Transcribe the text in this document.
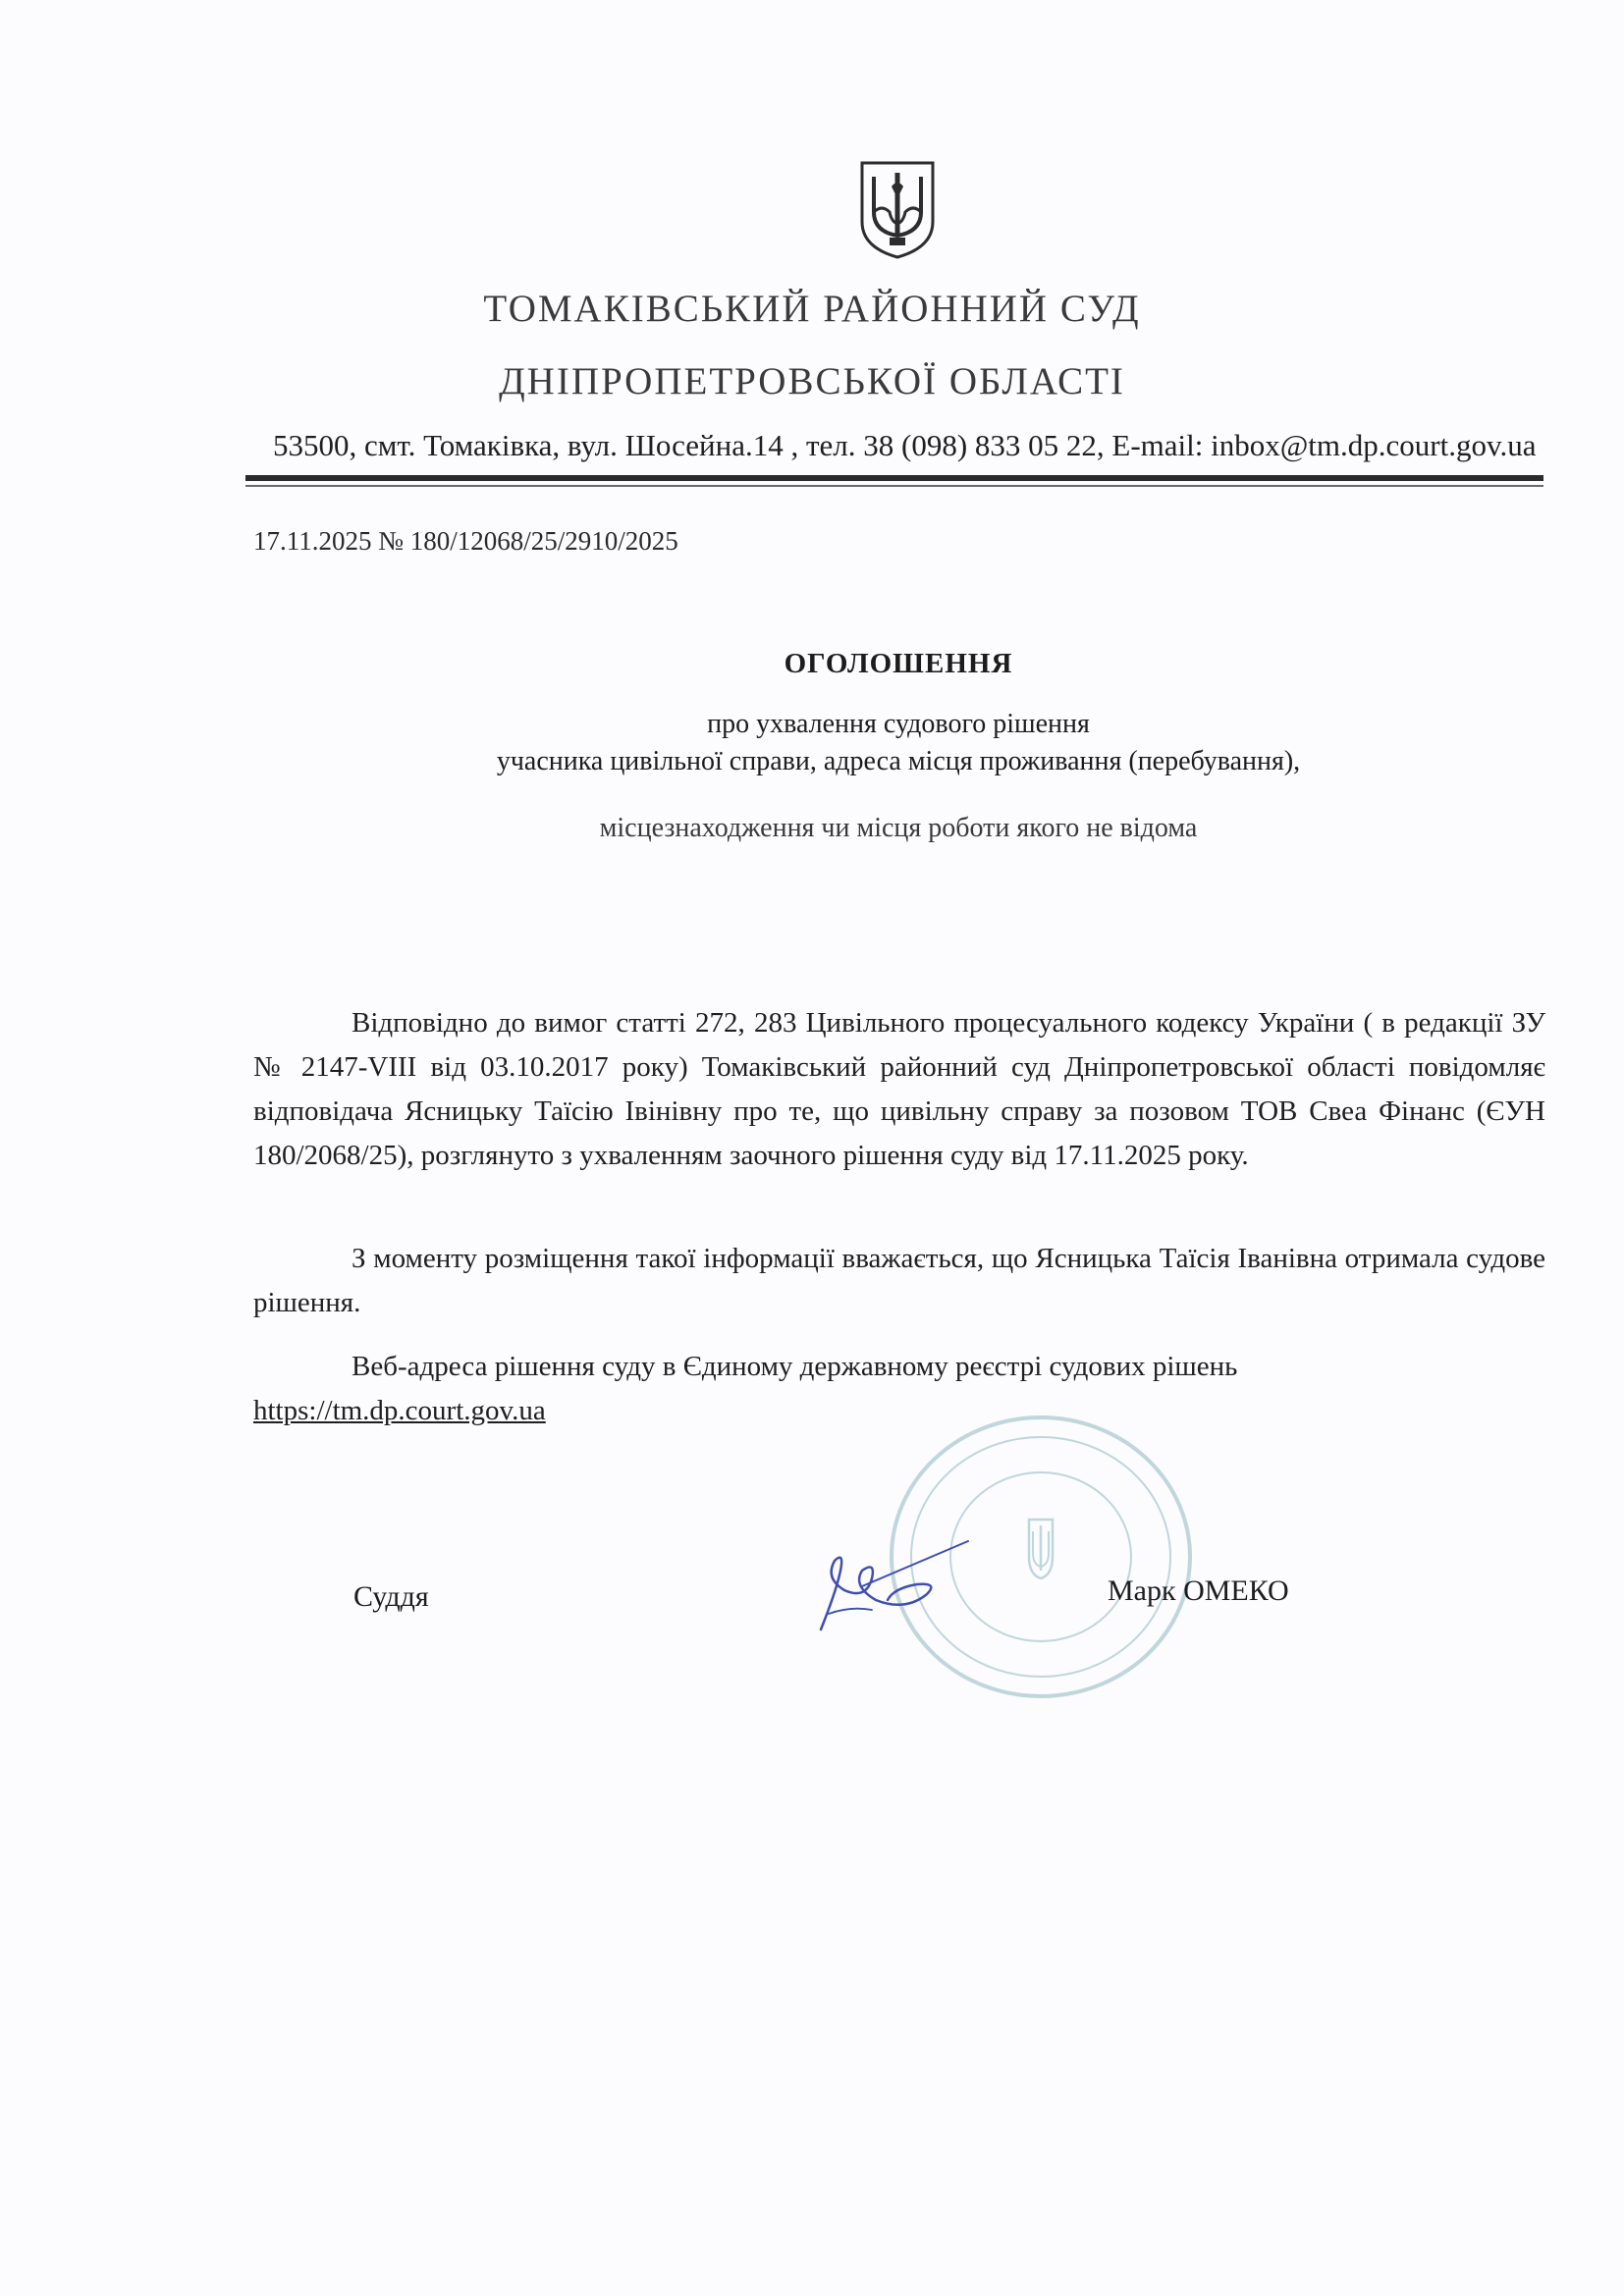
ТОМАКІВСЬКИЙ РАЙОННИЙ СУД
ДНІПРОПЕТРОВСЬКОЇ ОБЛАСТІ
53500, смт. Томаківка, вул. Шосейна.14 , тел. 38 (098) 833 05 22, E-mail: inbox@tm.dp.court.gov.ua
17.11.2025 № 180/12068/25/2910/2025
ОГОЛОШЕННЯ
про ухвалення судового рішення
учасника цивільної справи, адреса місця проживання (перебування),
місцезнаходження чи місця роботи якого не відома

Відповідно до вимог статті 272, 283 Цивільного процесуального кодексу України ( в редакції ЗУ № 2147-VIII від 03.10.2017 року) Томаківський районний суд Дніпропетровської області повідомляє відповідача Ясницьку Таїсію Івінівну про те, що цивільну справу за позовом ТОВ Свеа Фінанс (ЄУН 180/2068/25), розглянуто з ухваленням заочного рішення суду від 17.11.2025 року.

З моменту розміщення такої інформації вважається, що Ясницька Таїсія Іванівна отримала судове рішення.

Веб-адреса рішення суду в Єдиному державному реєстрі судових рішень
https://tm.dp.court.gov.ua

Суддя	Марк ОМЕКО
